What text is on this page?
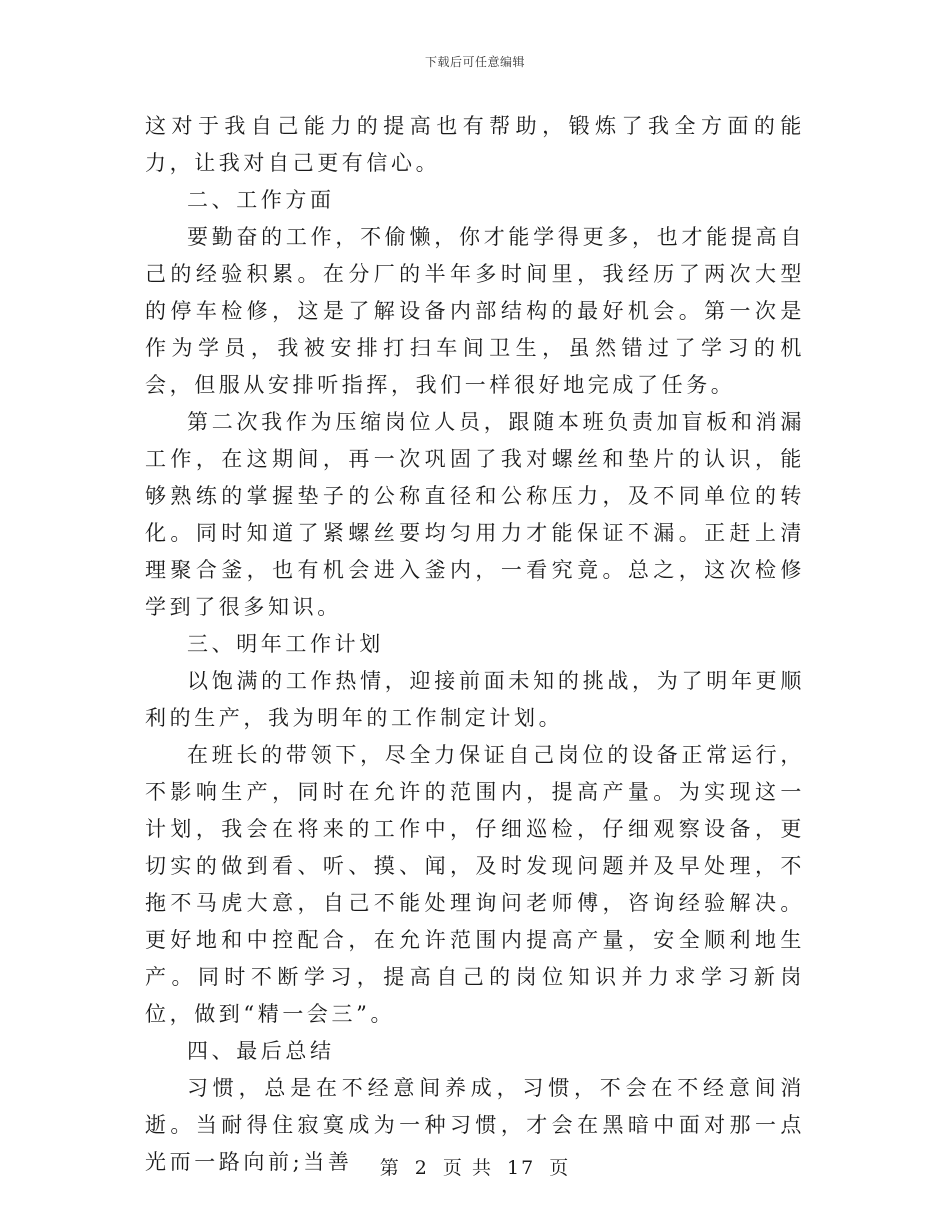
下载后可任意编辑

这对于我自己能力的提高也有帮助，锻炼了我全方面的能力，让我对自己更有信心。

二、工作方面

要勤奋的工作，不偷懒，你才能学得更多，也才能提高自己的经验积累。在分厂的半年多时间里，我经历了两次大型的停车检修，这是了解设备内部结构的最好机会。第一次是作为学员，我被安排打扫车间卫生，虽然错过了学习的机会，但服从安排听指挥，我们一样很好地完成了任务。

第二次我作为压缩岗位人员，跟随本班负责加盲板和消漏工作，在这期间，再一次巩固了我对螺丝和垫片的认识，能够熟练的掌握垫子的公称直径和公称压力，及不同单位的转化。同时知道了紧螺丝要均匀用力才能保证不漏。正赶上清理聚合釜，也有机会进入釜内，一看究竟。总之，这次检修学到了很多知识。

三、明年工作计划

以饱满的工作热情，迎接前面未知的挑战，为了明年更顺利的生产，我为明年的工作制定计划。

在班长的带领下，尽全力保证自己岗位的设备正常运行，不影响生产，同时在允许的范围内，提高产量。为实现这一计划，我会在将来的工作中，仔细巡检，仔细观察设备，更切实的做到看、听、摸、闻，及时发现问题并及早处理，不拖不马虎大意，自己不能处理询问老师傅，咨询经验解决。更好地和中控配合，在允许范围内提高产量，安全顺利地生产。同时不断学习，提高自己的岗位知识并力求学习新岗位，做到“精一会三”。

四、最后总结

习惯，总是在不经意间养成，习惯，不会在不经意间消逝。当耐得住寂寞成为一种习惯，才会在黑暗中面对那一点光而一路向前;当善	第 2 页 共 17 页
